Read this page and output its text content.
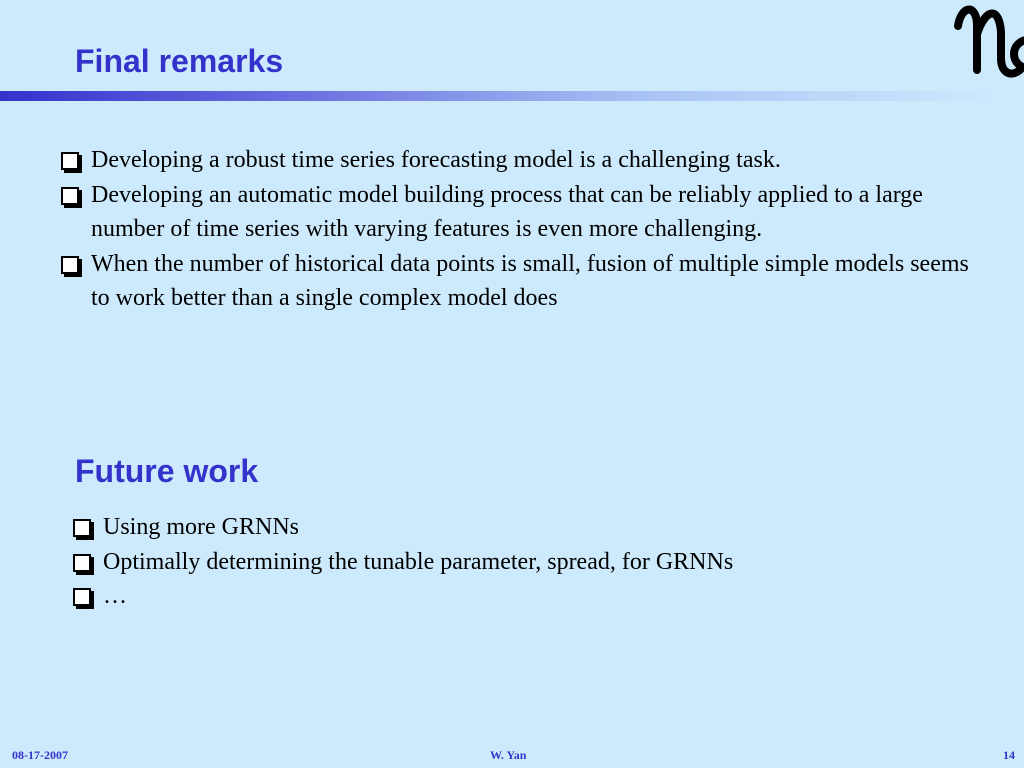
Final remarks
Developing a robust time series forecasting model is a challenging task.
Developing an automatic model building process that can be reliably applied to a large number of time series with varying features is even more challenging.
When the number of historical data points is small, fusion of multiple simple models seems to work better than a single complex model does
Future work
Using more GRNNs
Optimally determining the tunable parameter, spread, for GRNNs
…
08-17-2007	W. Yan	14
